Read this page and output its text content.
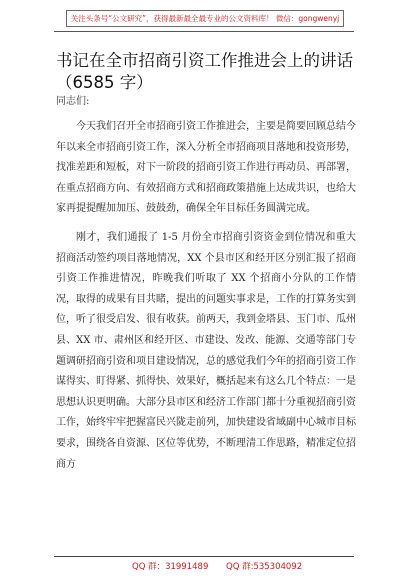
关注头条号“公文研究”，获得最新最全最专业的公文资料库！ 微信：gongwenyj
书记在全市招商引资工作推进会上的讲话
（6585 字）
同志们:

今天我们召开全市招商引资工作推进会，主要是简要回顾总结今年以来全市招商引资工作，深入分析全市招商项目落地和投资形势，找准差距和短板，对下一阶段的招商引资工作进行再动员、再部署，在重点招商方向、有效招商方式和招商政策措施上达成共识，也给大家再提提醒加加压、鼓鼓劲，确保全年目标任务圆满完成。

刚才，我们通报了 1-5 月份全市招商引资资金到位情况和重大招商活动签约项目落地情况，XX 个县市区和经开区分别汇报了招商引资工作推进情况，昨晚我们听取了 XX 个招商小分队的工作情况，取得的成果有目共睹，提出的问题实事求是，工作的打算务实到位，听了很受启发、很有收获。前两天，我到金塔县、玉门市、瓜州县、XX 市、肃州区和经开区、市建设、发改、能源、交通等部门专题调研招商引资和项目建设情况，总的感觉我们今年的招商引资工作谋得实、盯得紧、抓得快、效果好，概括起来有这么几个特点：一是思想认识更明确。大部分县市区和经济工作部门都十分重视招商引资工作，始终牢牢把握富民兴陇走前列，加快建设省域副中心城市目标要求，围绕各自资源、区位等优势，不断理清工作思路，精准定位招商方

QQ 群：31991489 QQ 群:535304092
